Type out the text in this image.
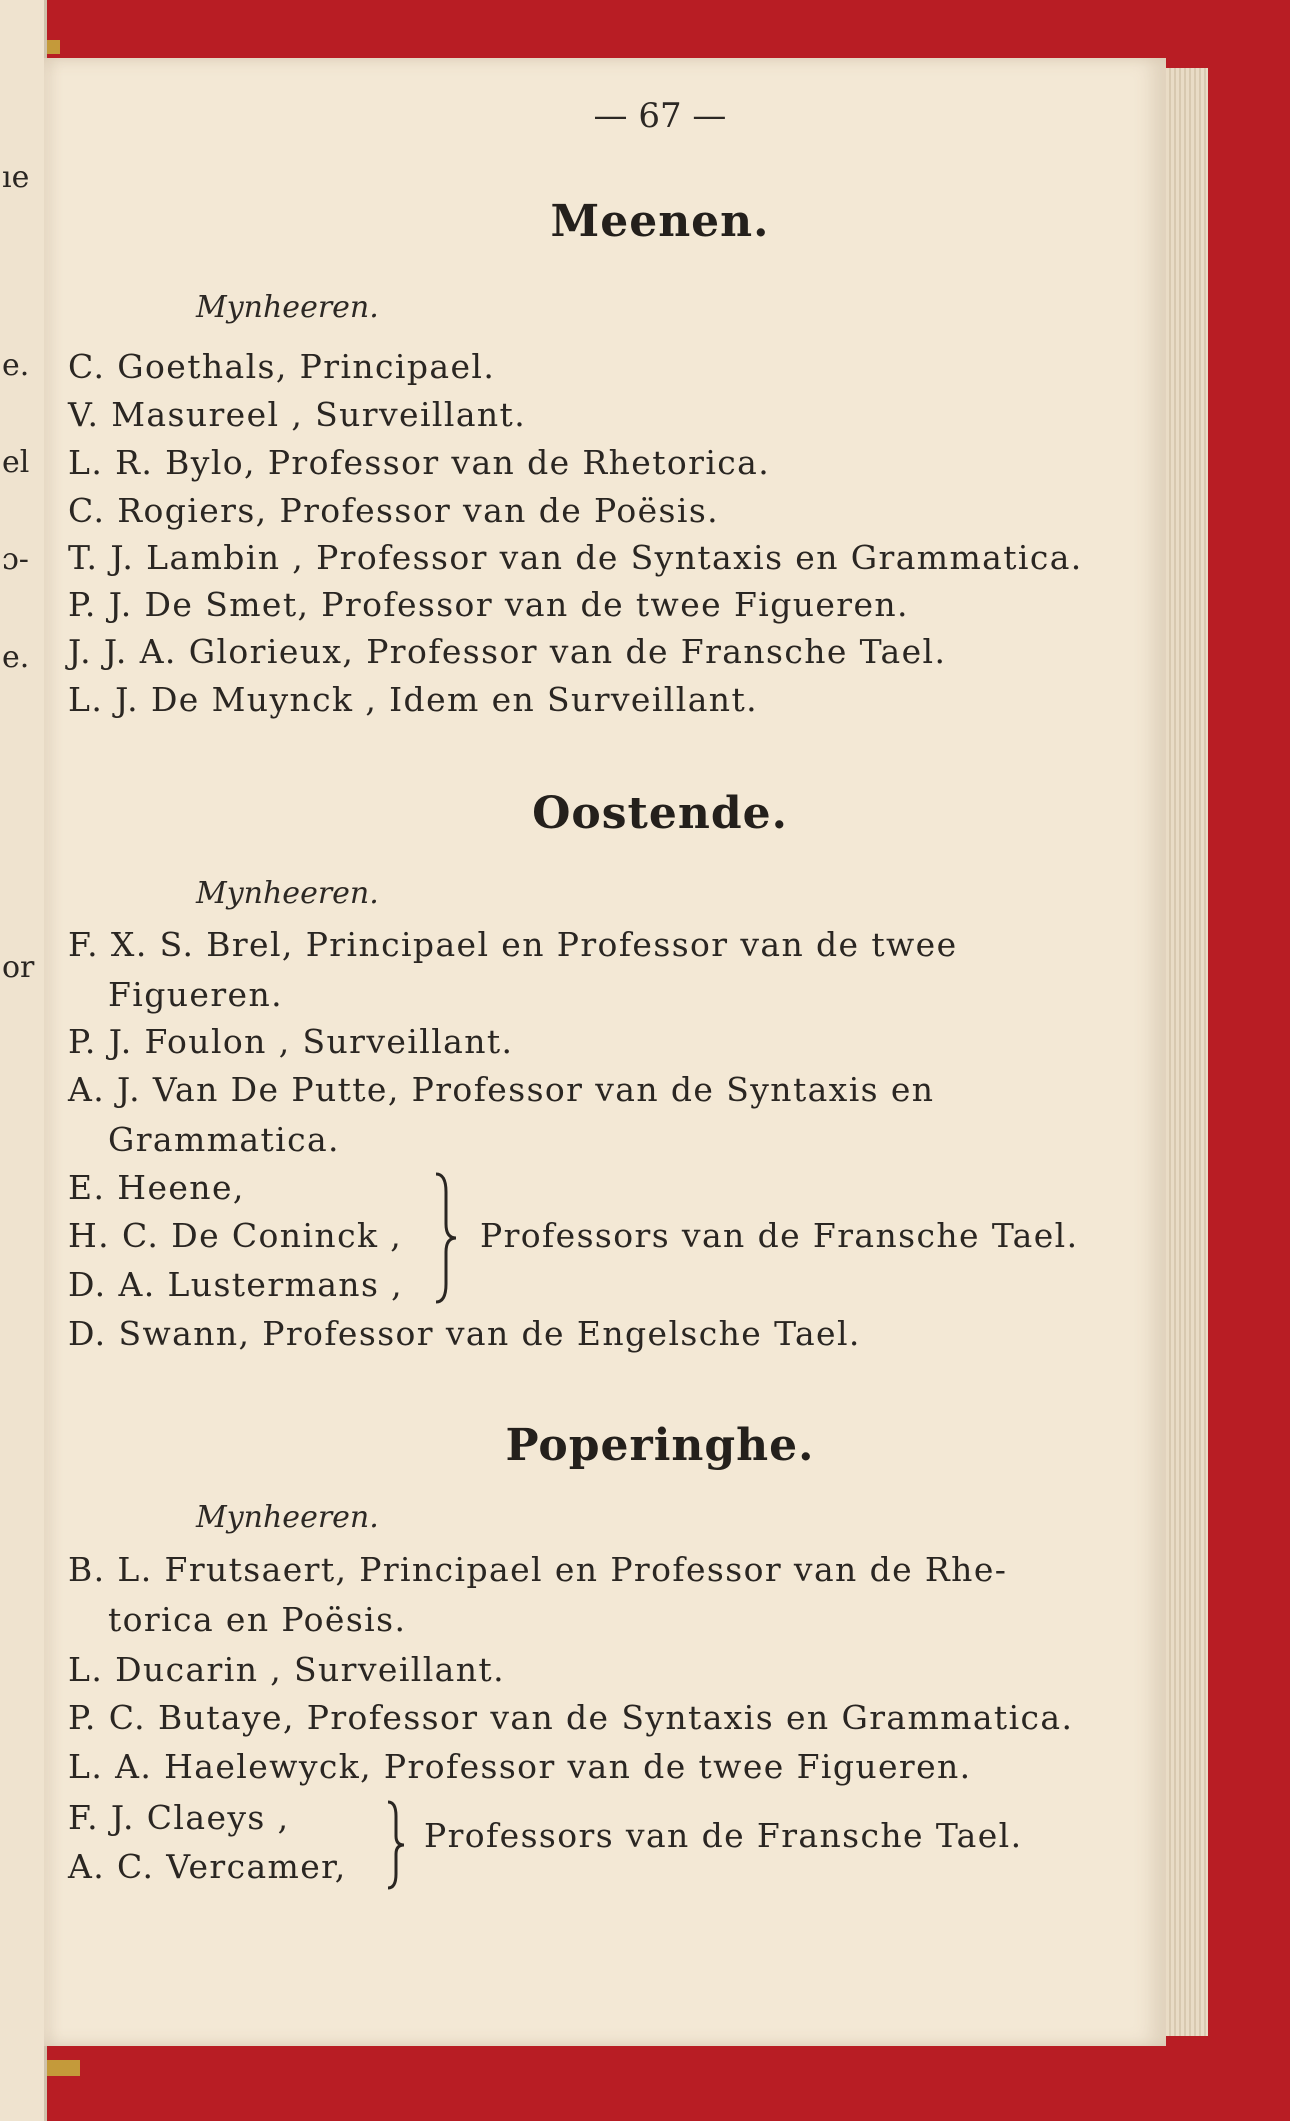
ıe
e.
el
ɔ-
e.
or
— 67 —
Meenen.
Mynheeren.
C. Goethals, Principael.
V. Masureel , Surveillant.
L. R. Bylo, Professor van de Rhetorica.
C. Rogiers, Professor van de Poësis.
T. J. Lambin , Professor van de Syntaxis en Grammatica.
P. J. De Smet, Professor van de twee Figueren.
J. J. A. Glorieux, Professor van de Fransche Tael.
L. J. De Muynck , Idem en Surveillant.
Oostende.
Mynheeren.
F. X. S. Brel, Principael en Professor van de twee
Figueren.
P. J. Foulon , Surveillant.
A. J. Van De Putte, Professor van de Syntaxis en
Grammatica.
E. Heene,
H. C. De Coninck ,
D. A. Lustermans ,
Professors van de Fransche Tael.
D. Swann, Professor van de Engelsche Tael.
Poperinghe.
Mynheeren.
B. L. Frutsaert, Principael en Professor van de Rhe-
torica en Poësis.
L. Ducarin , Surveillant.
P. C. Butaye, Professor van de Syntaxis en Grammatica.
L. A. Haelewyck, Professor van de twee Figueren.
F. J. Claeys ,
A. C. Vercamer,
Professors van de Fransche Tael.
